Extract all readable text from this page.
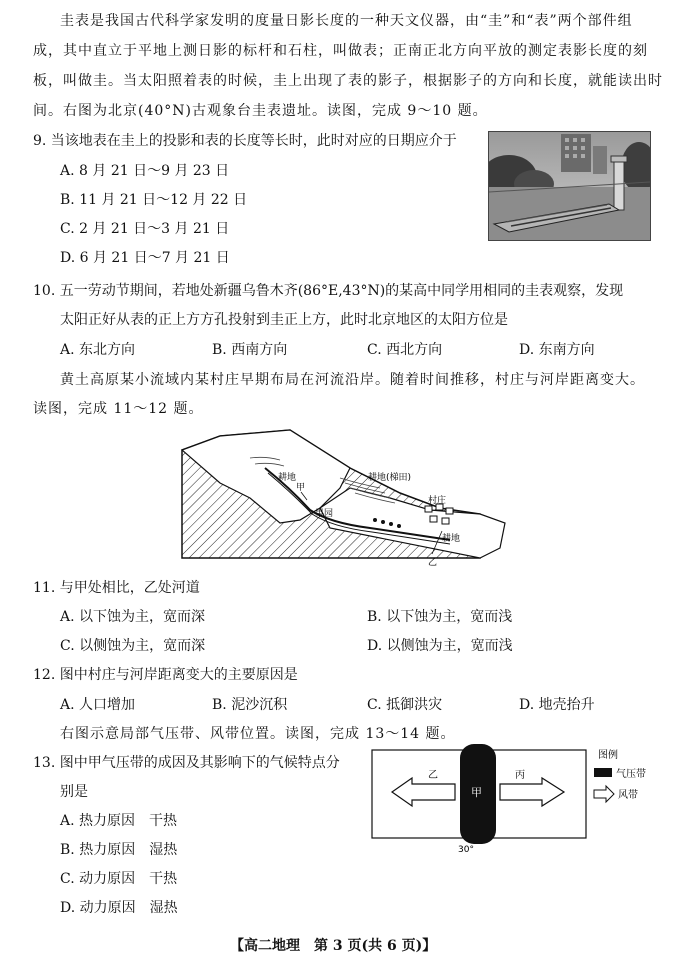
圭表是我国古代科学家发明的度量日影长度的一种天文仪器，由“圭”和“表”两个部件组
成，其中直立于平地上测日影的标杆和石柱，叫做表；正南正北方向平放的测定表影长度的刻
板，叫做圭。当太阳照着表的时候，圭上出现了表的影子，根据影子的方向和长度，就能读出时
间。右图为北京(40°N)古观象台圭表遗址。读图，完成 9～10 题。
9. 当该地表在圭上的投影和表的长度等长时，此时对应的日期应介于
A. 8 月 21 日～9 月 23 日
B. 11 月 21 日～12 月 22 日
C. 2 月 21 日～3 月 21 日
D. 6 月 21 日～7 月 21 日
10. 五一劳动节期间，若地处新疆乌鲁木齐(86°E,43°N)的某高中同学用相同的圭表观察，发现
太阳正好从表的正上方方孔投射到圭正上方，此时北京地区的太阳方位是
A. 东北方向	B. 西南方向	C. 西北方向	D. 东南方向
黄土高原某小流域内某村庄早期布局在河流沿岸。随着时间推移，村庄与河岸距离变大。
读图，完成 11～12 题。
耕地
甲
耕地(梯田)
村庄
果园
耕地
乙
11. 与甲处相比，乙处河道
A. 以下蚀为主，宽而深	B. 以下蚀为主，宽而浅
C. 以侧蚀为主，宽而深	D. 以侧蚀为主，宽而浅
12. 图中村庄与河岸距离变大的主要原因是
A. 人口增加	B. 泥沙沉积	C. 抵御洪灾	D. 地壳抬升
右图示意局部气压带、风带位置。读图，完成 13～14 题。
13. 图中甲气压带的成因及其影响下的气候特点分
别是
A. 热力原因　干热
B. 热力原因　湿热
C. 动力原因　干热
D. 动力原因　湿热
甲
乙	丙
30°
图例
气压带
风带
【高二地理　第 3 页(共 6 页)】
